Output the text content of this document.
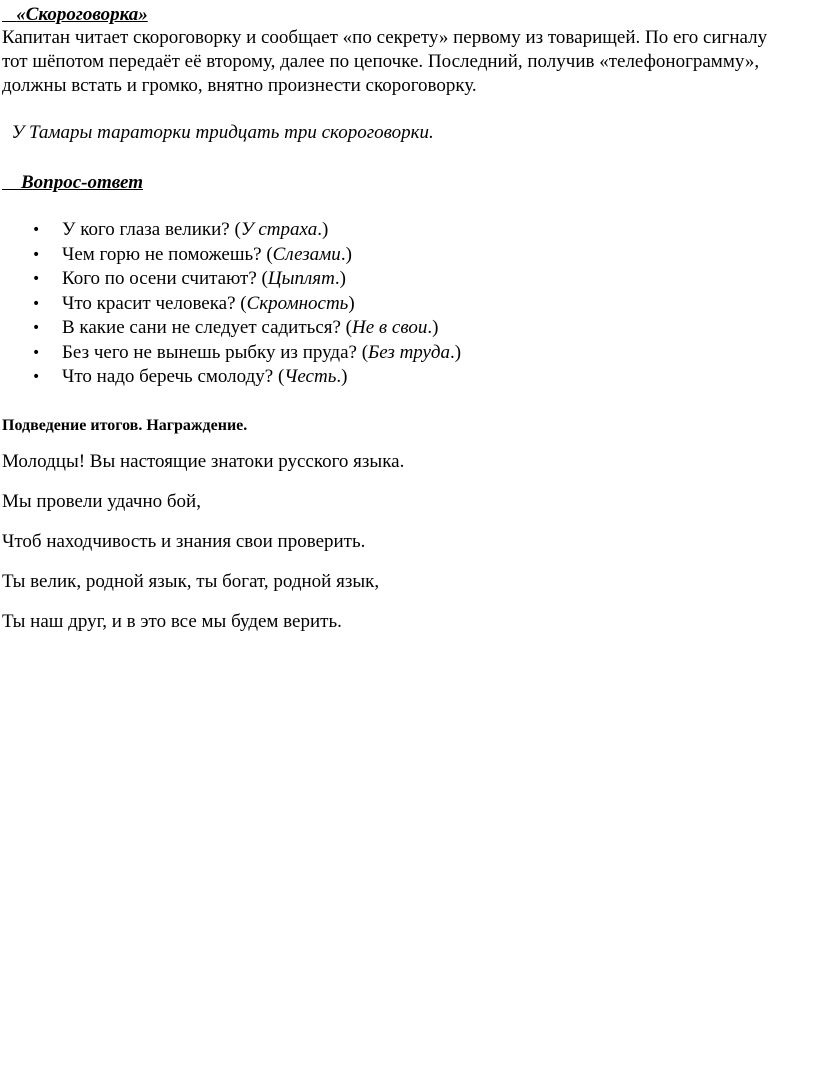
«Скороговорка»
Капитан читает скороговорку и сообщает «по секрету» первому из товарищей. По его сигналу тот шёпотом передаёт её второму, далее по цепочке. Последний, получив «телефонограмму», должны встать и громко, внятно произнести скороговорку.
У Тамары тараторки тридцать три скороговорки.
Вопрос-ответ
• У кого глаза велики? (У страха.)
• Чем горю не поможешь? (Слезами.)
• Кого по осени считают? (Цыплят.)
• Что красит человека? (Скромность)
• В какие сани не следует садиться? (Не в свои.)
• Без чего не вынешь рыбку из пруда? (Без труда.)
• Что надо беречь смолоду? (Честь.)
Подведение итогов. Награждение.
Молодцы! Вы настоящие знатоки русского языка.
Мы провели удачно бой,
Чтоб находчивость и знания свои проверить.
Ты велик, родной язык, ты богат, родной язык,
Ты наш друг, и в это все мы будем верить.
